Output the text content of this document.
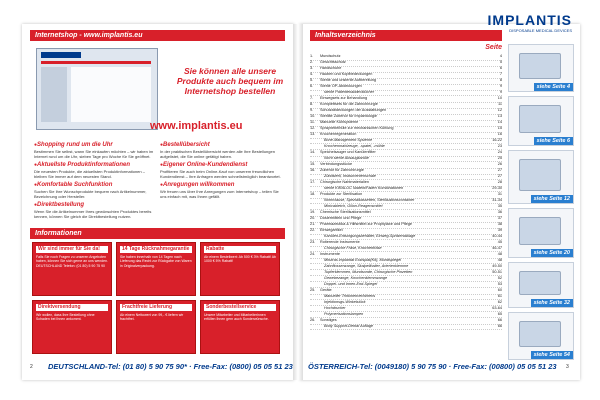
Internetshop - www.implantis.eu
Sie können alle unsere Produkte auch bequem im Internetshop bestellen
www.implantis.eu
● Shopping rund um die Uhr
Bestimmen Sie selbst, wann Sie einkaufen möchten – wir haben im Internet rund um die Uhr, sieben Tage pro Woche für Sie geöffnet.
● Aktuellste Produktinformationen
Die neuesten Produkte, die aktuellsten Produktinformationen – bleiben Sie immer auf dem neuesten Stand.
● Komfortable Suchfunktion
Suchen Sie Ihre Wunschprodukte bequem nach Artikelnummer, Bezeichnung oder Hersteller.
● Direktbestellung
Wenn Sie die Artikelnummer Ihres gewünschten Produktes bereits kennen, können Sie gleich die Direktbestellung nutzen.
● Bestellübersicht
In der praktischen Bestellübersicht werden alle Ihre Bestellungen aufgelistet, die Sie online getätigt haben.
● Eigener Online-Kundendienst
Profitieren Sie auch beim Online-Kauf von unserem freundlichen Kundendienst – Ihre Anfragen werden schnellstmöglich beantwortet.
● Anregungen willkommen
Wir freuen uns über Ihre Anregungen zum Internetshop – teilen Sie uns einfach mit, was Ihnen gefällt.
Informationen
Wir sind immer für Sie da!
Falls Sie noch Fragen zu unseren Angeboten haben, können Sie sich gerne an uns wenden. DEUTSCHLAND Telefon: (01 80) 5 90 75 90
14 Tage Rücknahmegarantie
Sie haben innerhalb von 14 Tagen nach Lieferung das Recht zur Rückgabe von Waren in Originalverpackung.
Rabatte
Ab einem Bestellwert: Ab 500 € 3% Rabatt! Ab 1000 € 5% Rabatt!
Direktversendung
Wir wollen, dass Ihre Bestellung ohne Schaden bei Ihnen ankommt.
Frachtfreie Lieferung
Ab einem Nettowert von 99,- € liefern wir frachtfrei.
Sonderbestellservice
Unsere Mitarbeiter und Mitarbeiterinnen erfüllen Ihnen gern auch Sonderwünsche.
2 DEUTSCHLAND-Tel: (01 80) 5 90 75 90* · Free-Fax: (0800) 05 05 51 23
IMPLANTIS
DISPOSABLE MEDICAL DEVICES
Inhaltsverzeichnis
Seite
1. Mundschutz	4
2. Gesichtsschutz	5
3. Handschuhe	6
4. Hauben und Kopfbedeckungen	7
5. Sterile und unsterile Aufbereitung	8
6. Sterile OP-Abdeckungen	9
sterile Patientenabdecktücher	9
7. Einwegsets zur Behandlung	10
8. Komplettsets für die Zahnchirurgie	11
9. Schutzabdeckungen der Ausstattungen	12
10. Sterilite Zubehör für Implantologie	13
11. Manuelle Kühlsysteme	14
12. Spraynebelhüte zur mechanischen Kühlung	15
13. Knochenregeneration	16
Bone-Management Systeme	16-22
Knochenmahlzeuge, -spatel, -mühle	23
14. Speichelsauger und Kanülenfilter	24
Nicht sterile Absaugkanüle	25
15. Verbindungsstücke	26
16. Zubehör für Zahnchirurgie	27
Zündsteril, Instrumentenschale	27
17. Chirurgische Nahtmaterialien	28
sterile KIRALOC Nadeln/Faden Kombinationen	29-30
18. Produkte zur Sterilisation	31
Normvlause, Spezialkassetten, Sterilisationscontainer	31-34
Minicabletch, Gilion-Reagensmittel	35
19. Chemische Sterilisationsmittel	36
20. Dosiermitteln und Pflege	37
21. Pharmazeutika & Hilfsmittel zur Prophylaxe und Pflege	38
22. Einwegartikel	39
Kanülen-Entsorgungsbehälter, Einweg-Spritzenablage	40-44
23. Rotierende Instrumente	45
Chirurgische Fräse, Knochenfräse	46-47
24. Instrumente	48
Mirutras implantat Exzisplat(Kit), Mundspiegel	48
Zahnflossenzange, Skalpellhalter, Arterienklemme	49-50
Tupferklemmen, Mundsonde, Chirurgische Pinzetten	50-51
Gewebezange, Knochenklemmzange	52
Doppel- und Innen-End-Spiegel	53
25. Geräte	60
Manueller Trinkmenverfahrens	61
Injektionsgs-Winkelstück	62
Hochdrucker	63-64
Polymerisationslampen	65
26. Sonstiges	66
Body Support-Dental Auflage	66
siehe Seite 4
siehe Seite 6
siehe Seite 12
siehe Seite 20
siehe Seite 32
siehe Seite 54
ÖSTERREICH-Tel: (0049180) 5 90 75 90 · Free-Fax: (00800) 05 05 51 23 3
